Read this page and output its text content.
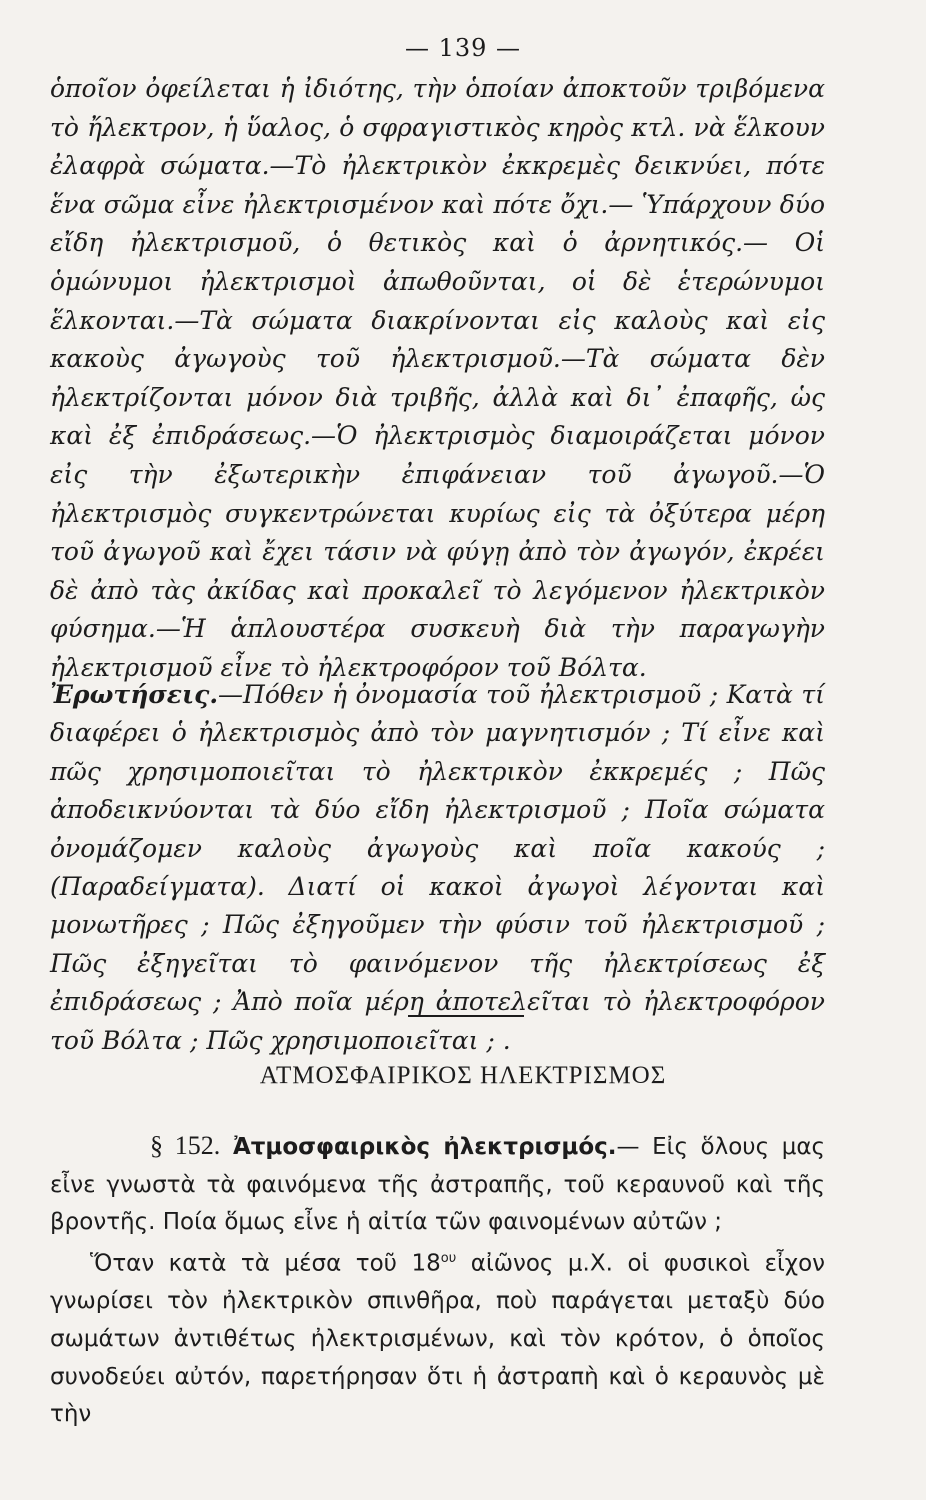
— 139 —

ὁποῖον ὀφείλεται ἡ ἰδιότης, τὴν ὁποίαν ἀποκτοῦν τριβόμενα τὸ ἤλεκτρον, ἡ ὕαλος, ὁ σφραγιστικὸς κηρὸς κτλ. νὰ ἕλκουν ἐλαφρὰ σώματα.—Τὸ ἠλεκτρικὸν ἐκκρεμὲς δεικνύει, πότε ἕνα σῶμα εἶνε ἠλεκτρισμένον καὶ πότε ὄχι.— Ὑπάρχουν δύο εἴδη ἠλεκτρισμοῦ, ὁ θετικὸς καὶ ὁ ἀρνητικός.— Οἱ ὁμώνυμοι ἠλεκτρισμοὶ ἀπωθοῦνται, οἱ δὲ ἑτερώνυμοι ἕλκονται.—Τὰ σώματα διακρίνονται εἰς καλοὺς καὶ εἰς κακοὺς ἀγωγοὺς τοῦ ἠλεκτρισμοῦ.—Τὰ σώματα δὲν ἠλεκτρίζονται μόνον διὰ τριβῆς, ἀλλὰ καὶ δι᾽ ἐπαφῆς, ὡς καὶ ἐξ ἐπιδράσεως.—Ὁ ἠλεκτρισμὸς διαμοιράζεται μόνον εἰς τὴν ἐξωτερικὴν ἐπιφάνειαν τοῦ ἀγωγοῦ.—Ὁ ἠλεκτρισμὸς συγκεντρώνεται κυρίως εἰς τὰ ὀξύτερα μέρη τοῦ ἀγωγοῦ καὶ ἔχει τάσιν νὰ φύγῃ ἀπὸ τὸν ἀγωγόν, ἐκρέει δὲ ἀπὸ τὰς ἀκίδας καὶ προκαλεῖ τὸ λεγόμενον ἠλεκτρικὸν φύσημα.—Ἡ ἁπλουστέρα συσκευὴ διὰ τὴν παραγωγὴν ἠλεκτρισμοῦ εἶνε τὸ ἠλεκτροφόρον τοῦ Βόλτα.

Ἐρωτήσεις.—Πόθεν ἡ ὀνομασία τοῦ ἠλεκτρισμοῦ ; Κατὰ τί διαφέρει ὁ ἠλεκτρισμὸς ἀπὸ τὸν μαγνητισμόν ; Τί εἶνε καὶ πῶς χρησιμοποιεῖται τὸ ἠλεκτρικὸν ἐκκρεμές ; Πῶς ἀποδεικνύονται τὰ δύο εἴδη ἠλεκτρισμοῦ ; Ποῖα σώματα ὀνομάζομεν καλοὺς ἀγωγοὺς καὶ ποῖα κακούς ; (Παραδείγματα). Διατί οἱ κακοὶ ἀγωγοὶ λέγονται καὶ μονωτῆρες ; Πῶς ἐξηγοῦμεν τὴν φύσιν τοῦ ἠλεκτρισμοῦ ; Πῶς ἐξηγεῖται τὸ φαινόμενον τῆς ἠλεκτρίσεως ἐξ ἐπιδράσεως ; Ἀπὸ ποῖα μέρη ἀποτελεῖται τὸ ἠλεκτροφόρον τοῦ Βόλτα ; Πῶς χρησιμοποιεῖται ; .

ΑΤΜΟΣΦΑΙΡΙΚΟΣ ΗΛΕΚΤΡΙΣΜΟΣ

§ 152. Ἀτμοσφαιρικὸς ἠλεκτρισμός.— Εἰς ὅλους μας εἶνε γνωστὰ τὰ φαινόμενα τῆς ἀστραπῆς, τοῦ κεραυνοῦ καὶ τῆς βροντῆς. Ποία ὅμως εἶνε ἡ αἰτία τῶν φαινομένων αὐτῶν ;

Ὅταν κατὰ τὰ μέσα τοῦ $18^{o\upsilon}$ αἰῶνος μ.Χ. οἱ φυσικοὶ εἶχον γνωρίσει τὸν ἠλεκτρικὸν σπινθῆρα, ποὺ παράγεται μεταξὺ δύο σωμάτων ἀντιθέτως ἠλεκτρισμένων, καὶ τὸν κρότον, ὁ ὁποῖος συνοδεύει αὐτόν, παρετήρησαν ὅτι ἡ ἀστραπὴ καὶ ὁ κεραυνὸς μὲ τὴν
